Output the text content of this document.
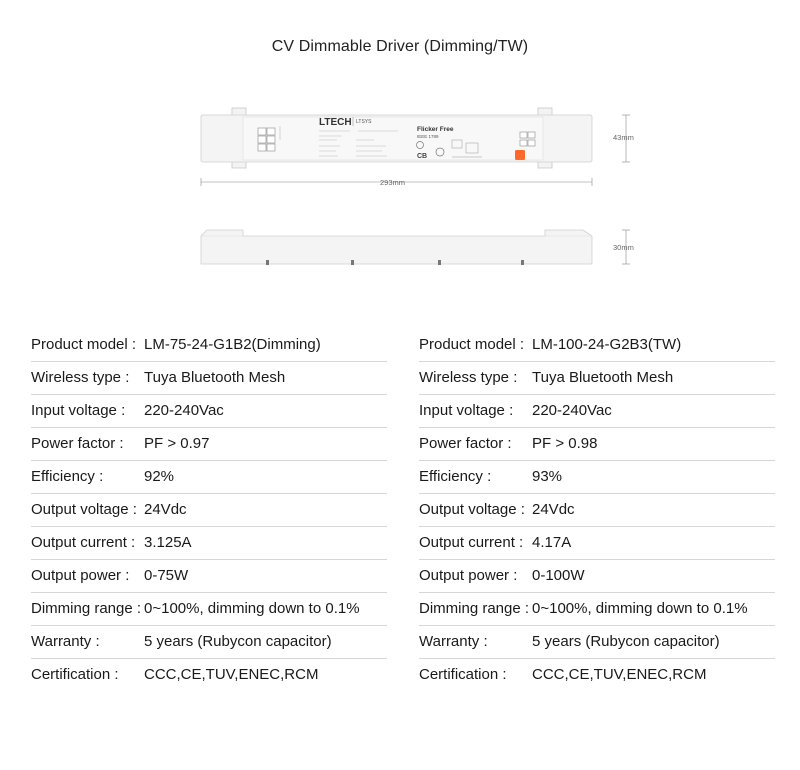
CV Dimmable Driver (Dimming/TW)
LTECH LTSYS
Flicker Free
IEEE 1789
CB
293mm
43mm
30mm
Product model : LM-75-24-G1B2(Dimming)
Wireless type : Tuya Bluetooth Mesh
Input voltage : 220-240Vac
Power factor : PF > 0.97
Efficiency :	92%
Output voltage : 24Vdc
Output current : 3.125A
Output power : 0-75W
Dimming range : 0~100%, dimming down to 0.1%
Warranty :	5 years (Rubycon capacitor)
Certification : CCC,CE,TUV,ENEC,RCM
Product model : LM-100-24-G2B3(TW)
Wireless type : Tuya Bluetooth Mesh
Input voltage : 220-240Vac
Power factor : PF > 0.98
Efficiency :	93%
Output voltage : 24Vdc
Output current : 4.17A
Output power : 0-100W
Dimming range : 0~100%, dimming down to 0.1%
Warranty :	5 years (Rubycon capacitor)
Certification : CCC,CE,TUV,ENEC,RCM
